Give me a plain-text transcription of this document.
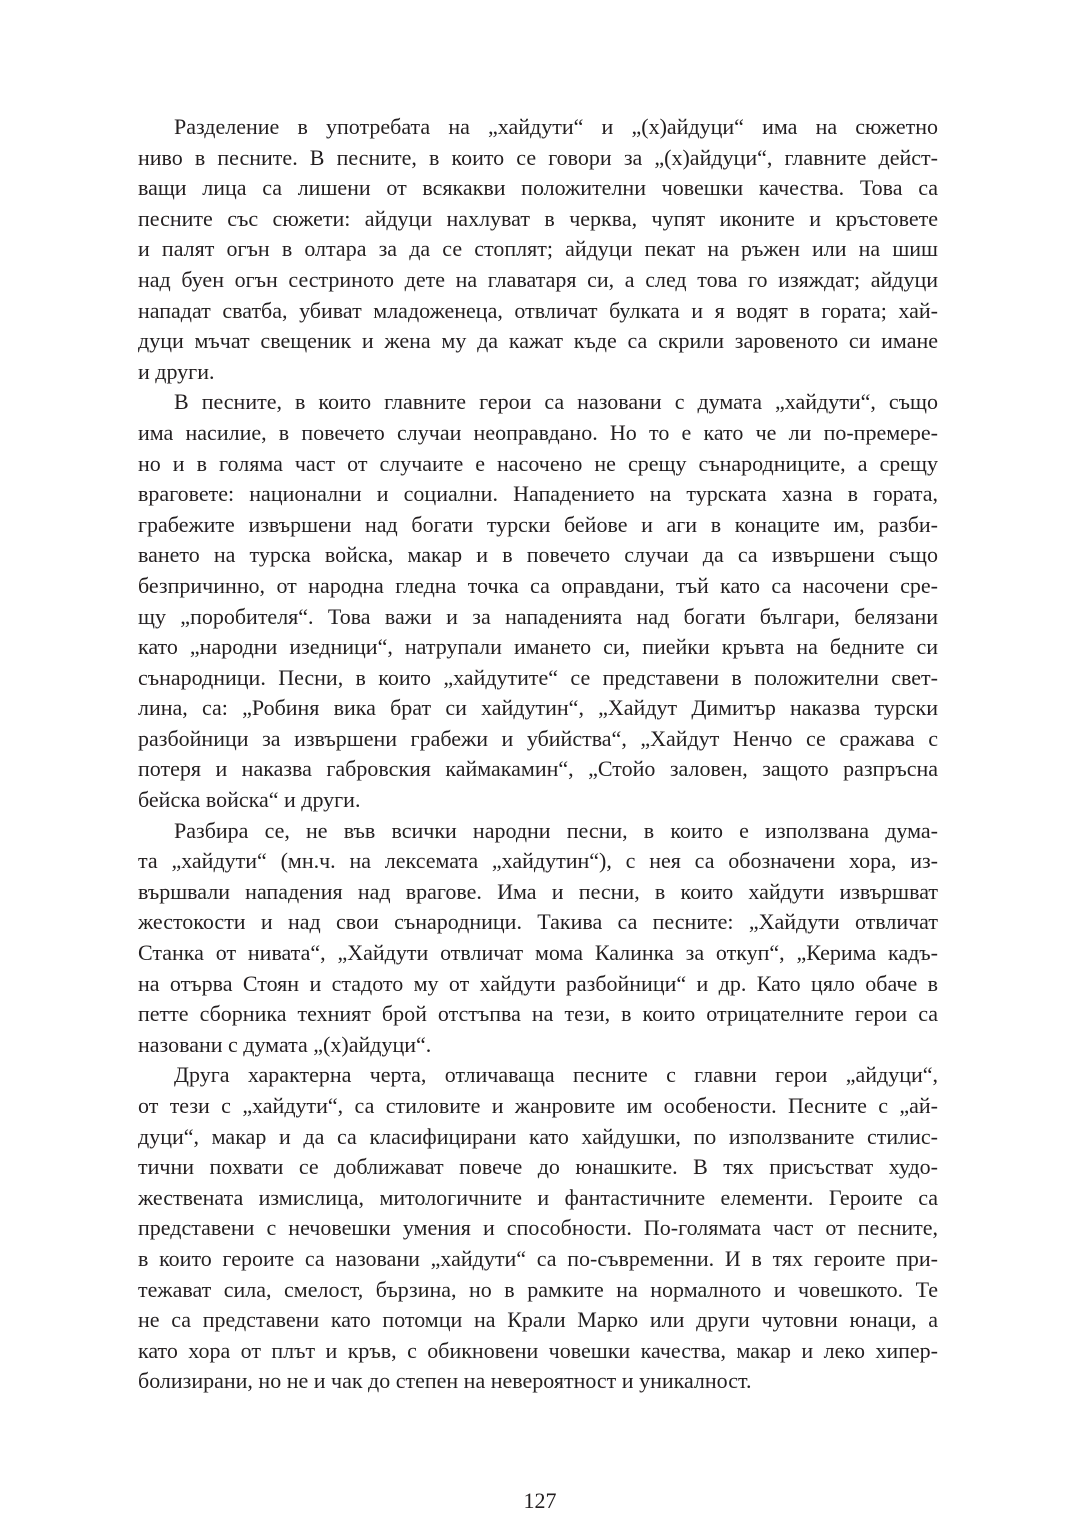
Разделение в употребата на „хайдути“ и „(х)айдуци“ има на сюжетно
ниво в песните. В песните, в които се говори за „(х)айдуци“, главните дейст-
ващи лица са лишени от всякакви положителни човешки качества. Това са
песните със сюжети: айдуци нахлуват в черква, чупят иконите и кръстовете
и палят огън в олтара за да се стоплят; айдуци пекат на ръжен или на шиш
над буен огън сестриното дете на главатаря си, а след това го изяждат; айдуци
нападат сватба, убиват младоженеца, отвличат булката и я водят в гората; хай-
дуци мъчат свещеник и жена му да кажат къде са скрили заровеното си имане
и други.
В песните, в които главните герои са назовани с думата „хайдути“, също
има насилие, в повечето случаи неоправдано. Но то е като че ли по-премере-
но и в голяма част от случаите е насочено не срещу сънародниците, а срещу
враговете: национални и социални. Нападението на турската хазна в гората,
грабежите извършени над богати турски бейове и аги в конаците им, разби-
ването на турска войска, макар и в повечето случаи да са извършени също
безпричинно, от народна гледна точка са оправдани, тъй като са насочени сре-
щу „поробителя“. Това важи и за нападенията над богати българи, белязани
като „народни изедници“, натрупали имането си, пиейки кръвта на бедните си
сънародници. Песни, в които „хайдутите“ се представени в положителни свет-
лина, са: „Робиня вика брат си хайдутин“, „Хайдут Димитър наказва турски
разбойници за извършени грабежи и убийства“, „Хайдут Ненчо се сражава с
потеря и наказва габровския каймакамин“, „Стойо заловен, защото разпръсна
бейска войска“ и други.
Разбира се, не във всички народни песни, в които е използвана дума-
та „хайдути“ (мн.ч. на лексемата „хайдутин“), с нея са обозначени хора, из-
вършвали нападения над врагове. Има и песни, в които хайдути извършват
жестокости и над свои сънародници. Такива са песните: „Хайдути отвличат
Станка от нивата“, „Хайдути отвличат мома Калинка за откуп“, „Керима кадъ-
на отърва Стоян и стадото му от хайдути разбойници“ и др. Като цяло обаче в
петте сборника техният брой отстъпва на тези, в които отрицателните герои са
назовани с думата „(х)айдуци“.
Друга характерна черта, отличаваща песните с главни герои „айдуци“,
от тези с „хайдути“, са стиловите и жанровите им особености. Песните с „ай-
дуци“, макар и да са класифицирани като хайдушки, по използваните стилис-
тични похвати се доближават повече до юнашките. В тях присъстват худо-
жествената измислица, митологичните и фантастичните елементи. Героите са
представени с нечовешки умения и способности. По-голямата част от песните,
в които героите са назовани „хайдути“ са по-съвременни. И в тях героите при-
тежават сила, смелост, бързина, но в рамките на нормалното и човешкото. Те
не са представени като потомци на Крали Марко или други чутовни юнаци, а
като хора от плът и кръв, с обикновени човешки качества, макар и леко хипер-
болизирани, но не и чак до степен на невероятност и уникалност.
127
